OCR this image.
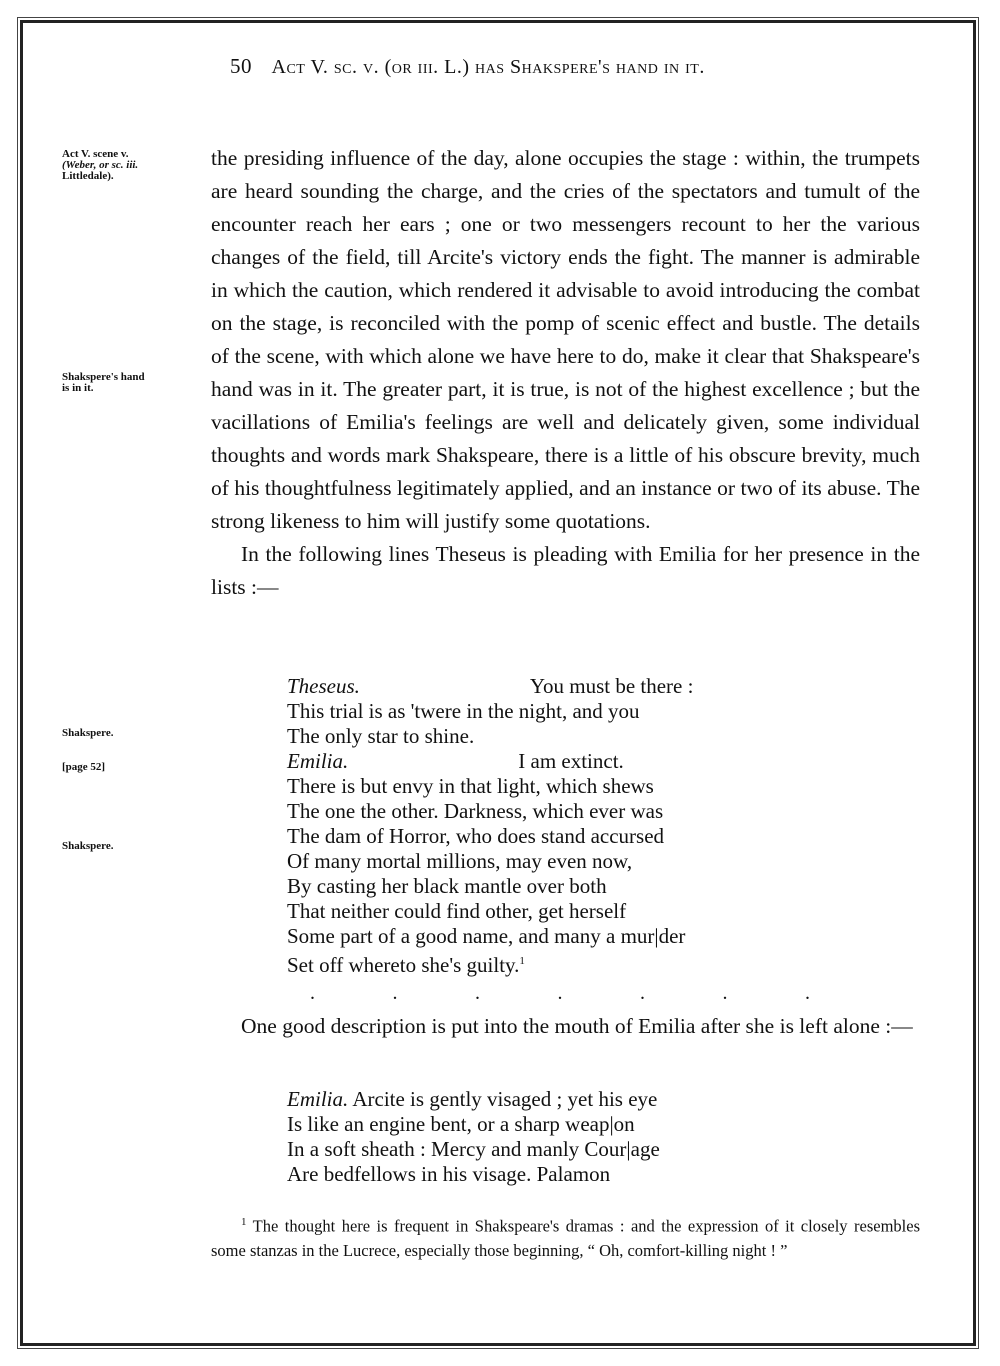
50 Act V. sc. v. (or iii. L.) has Shakspere's hand in it.
Act V. scene v.
(Weber, or sc. iii.
Littledale).
Shakspere's hand
is in it.
Shakspere.
[page 52]
Shakspere.

the presiding influence of the day, alone occupies the stage : within, the trumpets are heard sounding the charge, and the cries of the spectators and tumult of the encounter reach her ears ; one or two messengers recount to her the various changes of the field, till Arcite's victory ends the fight. The manner is admirable in which the caution, which rendered it advisable to avoid introducing the combat on the stage, is reconciled with the pomp of scenic effect and bustle. The details of the scene, with which alone we have here to do, make it clear that Shakspeare's hand was in it. The greater part, it is true, is not of the highest excellence ; but the vacillations of Emilia's feelings are well and delicately given, some individual thoughts and words mark Shakspeare, there is a little of his obscure brevity, much of his thoughtfulness legitimately applied, and an instance or two of its abuse. The strong likeness to him will justify some quotations.

In the following lines Theseus is pleading with Emilia for her presence in the lists :—

Theseus.	You must be there :
This trial is as 'twere in the night, and you
The only star to shine.
Emilia.	I am extinct.
There is but envy in that light, which shews
The one the other. Darkness, which ever was
The dam of Horror, who does stand accursed
Of many mortal millions, may even now,
By casting her black mantle over both
That neither could find other, get herself
Some part of a good name, and many a mur|der
Set off whereto she's guilty.$^1$
.	.	.	.	.	.	.

One good description is put into the mouth of Emilia after she is left alone :—

Emilia. Arcite is gently visaged ; yet his eye
Is like an engine bent, or a sharp weap|on
In a soft sheath : Mercy and manly Cour|age
Are bedfellows in his visage. Palamon
$^1$ The thought here is frequent in Shakspeare's dramas : and the expression of it closely resembles some stanzas in the Lucrece, especially those beginning, “ Oh, comfort-killing night ! ”
